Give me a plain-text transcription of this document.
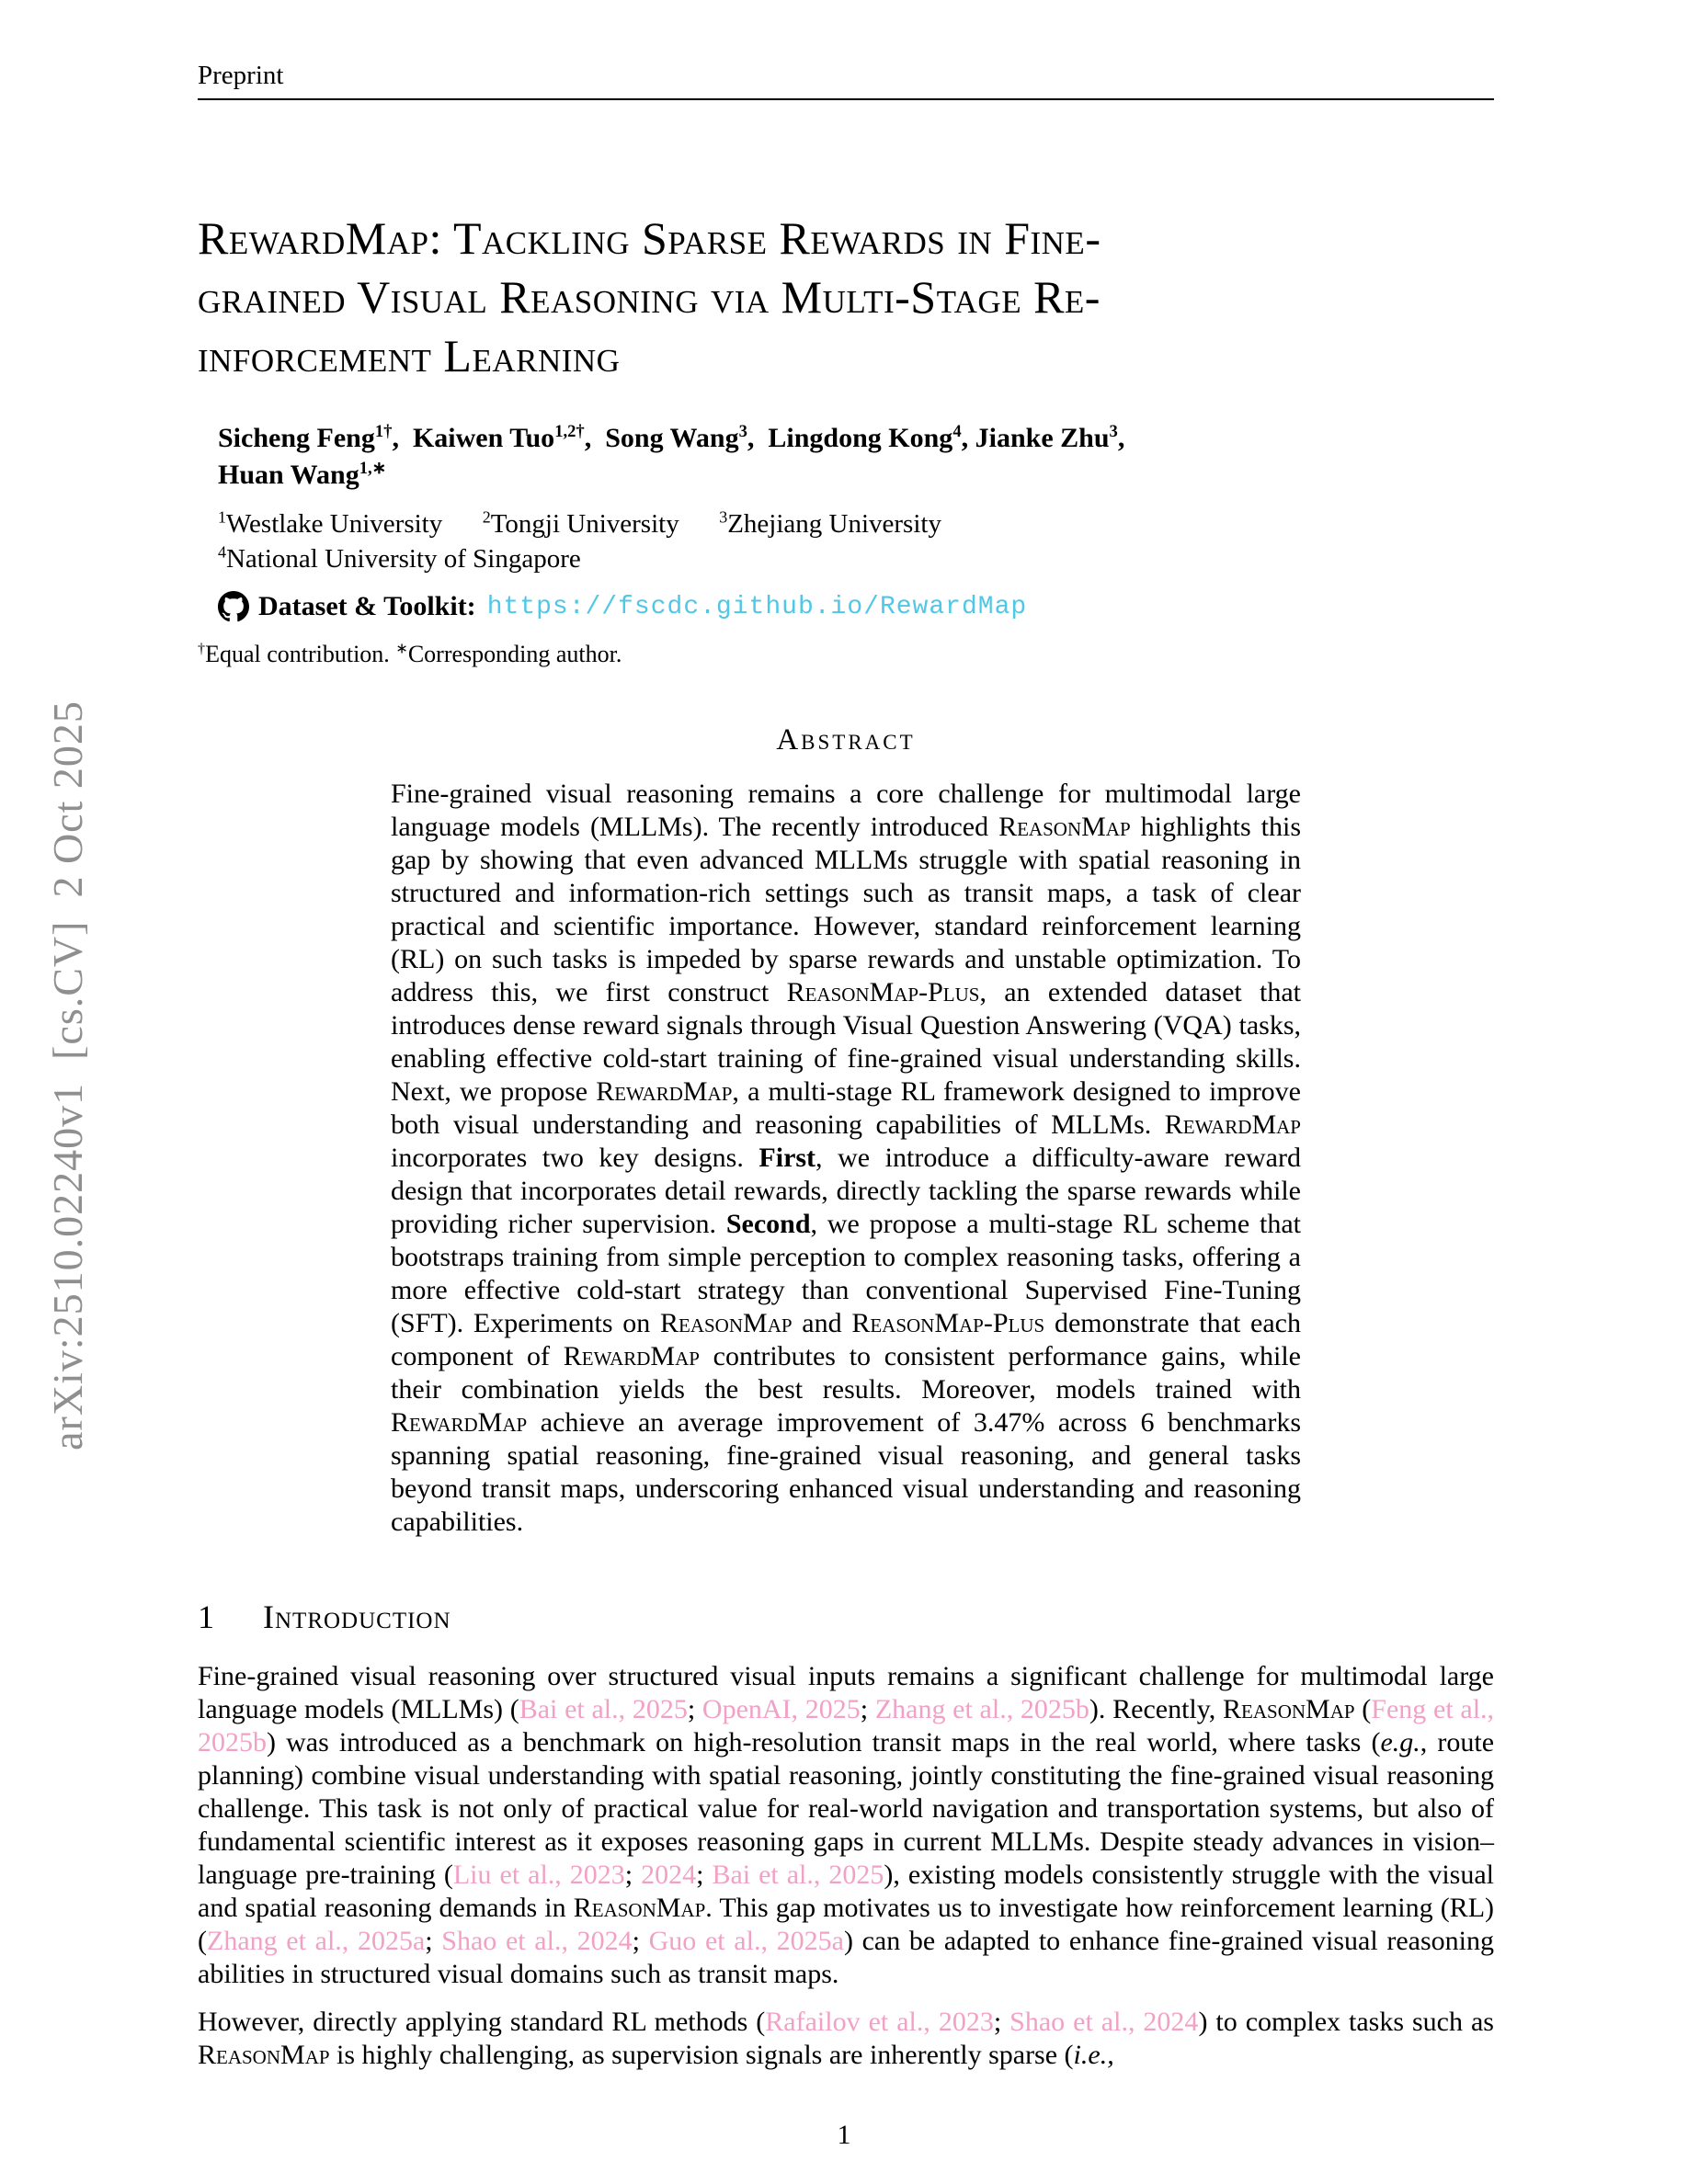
arXiv:2510.02240v1  [cs.CV]  2 Oct 2025
Preprint
RewardMap: Tackling Sparse Rewards in Fine-
grained Visual Reasoning via Multi-Stage Re-
inforcement Learning
Sicheng Feng$^{1\dagger}$,  Kaiwen Tuo$^{1,2\dagger}$,  Song Wang$^3$,  Lingdong Kong$^4$, Jianke Zhu$^3$,
Huan Wang$^{1,∗}$
$^1$Westlake University      $^2$Tongji University      $^3$Zhejiang University
$^4$National University of Singapore
Dataset & Toolkit: https://fscdc.github.io/RewardMap
†Equal contribution. ∗Corresponding author.
Abstract

Fine-grained visual reasoning remains a core challenge for multimodal large language models (MLLMs). The recently introduced ReasonMap highlights this gap by showing that even advanced MLLMs struggle with spatial reasoning in structured and information-rich settings such as transit maps, a task of clear practical and scientific importance. However, standard reinforcement learning (RL) on such tasks is impeded by sparse rewards and unstable optimization. To address this, we first construct ReasonMap-Plus, an extended dataset that introduces dense reward signals through Visual Question Answering (VQA) tasks, enabling effective cold-start training of fine-grained visual understanding skills. Next, we propose RewardMap, a multi-stage RL framework designed to improve both visual understanding and reasoning capabilities of MLLMs. RewardMap incorporates two key designs. First, we introduce a difficulty-aware reward design that incorporates detail rewards, directly tackling the sparse rewards while providing richer supervision. Second, we propose a multi-stage RL scheme that bootstraps training from simple perception to complex reasoning tasks, offering a more effective cold-start strategy than conventional Supervised Fine-Tuning (SFT). Experiments on ReasonMap and ReasonMap-Plus demonstrate that each component of RewardMap contributes to consistent performance gains, while their combination yields the best results. Moreover, models trained with RewardMap achieve an average improvement of 3.47% across 6 benchmarks spanning spatial reasoning, fine-grained visual reasoning, and general tasks beyond transit maps, underscoring enhanced visual understanding and reasoning capabilities.

1 Introduction

Fine-grained visual reasoning over structured visual inputs remains a significant challenge for multimodal large language models (MLLMs) (Bai et al., 2025; OpenAI, 2025; Zhang et al., 2025b). Recently, ReasonMap (Feng et al., 2025b) was introduced as a benchmark on high-resolution transit maps in the real world, where tasks (e.g., route planning) combine visual understanding with spatial reasoning, jointly constituting the fine-grained visual reasoning challenge. This task is not only of practical value for real-world navigation and transportation systems, but also of fundamental scientific interest as it exposes reasoning gaps in current MLLMs. Despite steady advances in vision–language pre-training (Liu et al., 2023; 2024; Bai et al., 2025), existing models consistently struggle with the visual and spatial reasoning demands in ReasonMap. This gap motivates us to investigate how reinforcement learning (RL) (Zhang et al., 2025a; Shao et al., 2024; Guo et al., 2025a) can be adapted to enhance fine-grained visual reasoning abilities in structured visual domains such as transit maps.

However, directly applying standard RL methods (Rafailov et al., 2023; Shao et al., 2024) to complex tasks such as ReasonMap is highly challenging, as supervision signals are inherently sparse (i.e.,

1
